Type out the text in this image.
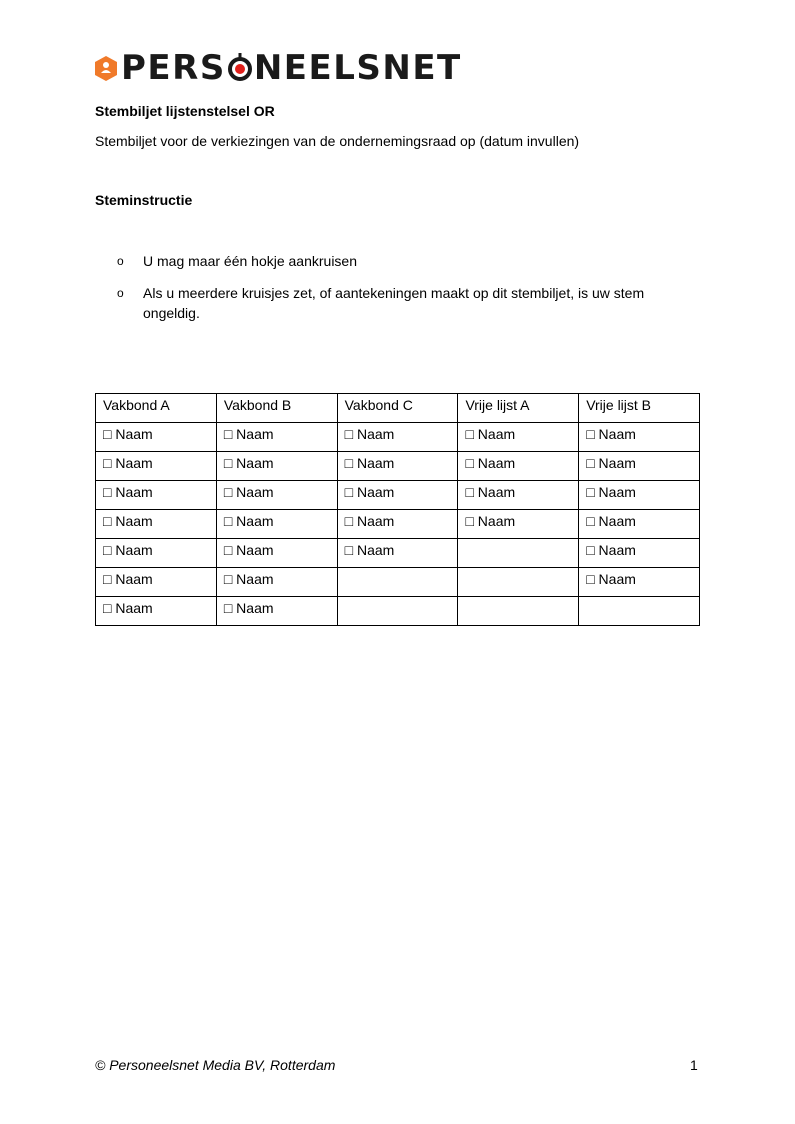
PERS NEELSNET
Stembiljet lijstenstelsel OR
Stembiljet voor de verkiezingen van de ondernemingsraad op (datum invullen)
Steminstructie
o	U mag maar één hokje aankruisen
o	Als u meerdere kruisjes zet, of aantekeningen maakt op dit stembiljet, is uw stem ongeldig.
Vakbond A	Vakbond B	Vakbond C	Vrije lijst A	Vrije lijst B
□ Naam	□ Naam	□ Naam	□ Naam	□ Naam
□ Naam	□ Naam	□ Naam	□ Naam	□ Naam
□ Naam	□ Naam	□ Naam	□ Naam	□ Naam
□ Naam	□ Naam	□ Naam	□ Naam	□ Naam
□ Naam	□ Naam	□ Naam		□ Naam
□ Naam	□ Naam			□ Naam
□ Naam	□ Naam			
© Personeelsnet Media BV, Rotterdam	1
